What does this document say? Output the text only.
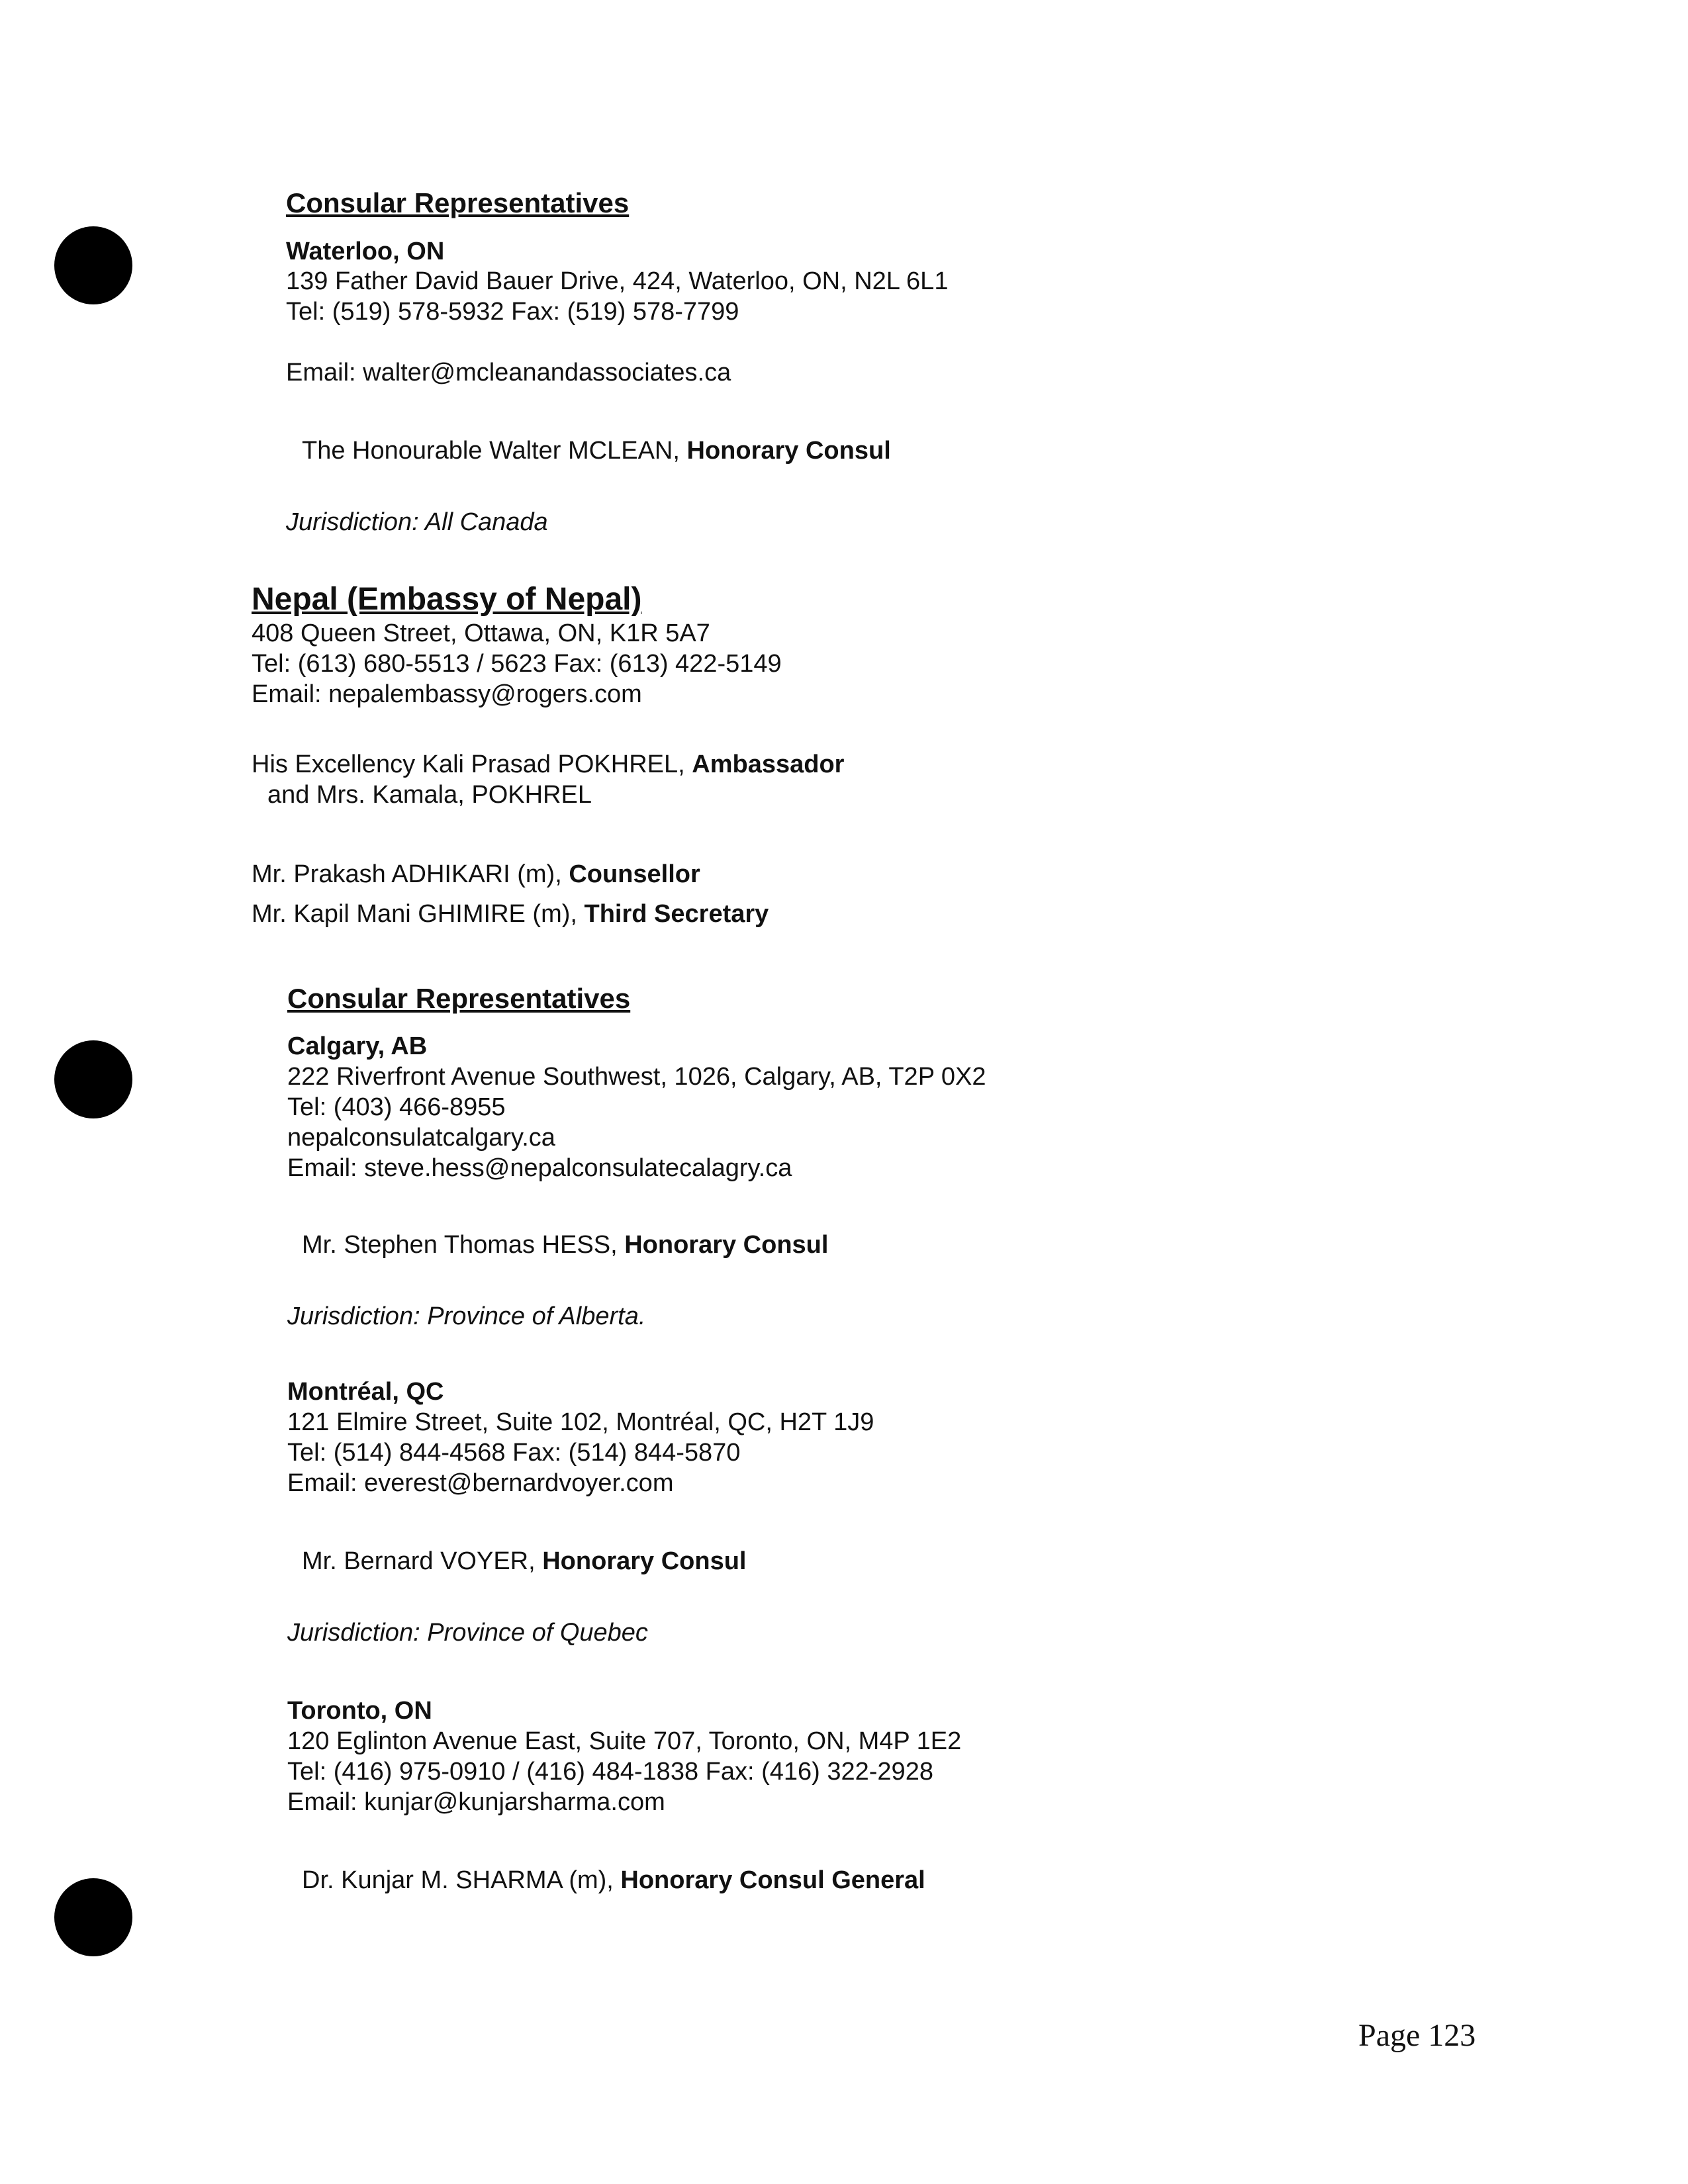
Consular Representatives
Waterloo, ON
139 Father David Bauer Drive, 424, Waterloo, ON, N2L 6L1
Tel: (519) 578-5932 Fax: (519) 578-7799
Email: walter@mcleanandassociates.ca
The Honourable Walter MCLEAN, Honorary Consul
Jurisdiction: All Canada
Nepal (Embassy of Nepal)
408 Queen Street, Ottawa, ON, K1R 5A7
Tel: (613) 680-5513 / 5623 Fax: (613) 422-5149
Email: nepalembassy@rogers.com
His Excellency Kali Prasad POKHREL, Ambassador
and Mrs. Kamala, POKHREL
Mr. Prakash ADHIKARI (m), Counsellor
Mr. Kapil Mani GHIMIRE (m), Third Secretary
Consular Representatives
Calgary, AB
222 Riverfront Avenue Southwest, 1026, Calgary, AB, T2P 0X2
Tel: (403) 466-8955
nepalconsulatcalgary.ca
Email: steve.hess@nepalconsulatecalagry.ca
Mr. Stephen Thomas HESS, Honorary Consul
Jurisdiction: Province of Alberta.
Montréal, QC
121 Elmire Street, Suite 102, Montréal, QC, H2T 1J9
Tel: (514) 844-4568 Fax: (514) 844-5870
Email: everest@bernardvoyer.com
Mr. Bernard VOYER, Honorary Consul
Jurisdiction: Province of Quebec
Toronto, ON
120 Eglinton Avenue East, Suite 707, Toronto, ON, M4P 1E2
Tel: (416) 975-0910 / (416) 484-1838 Fax: (416) 322-2928
Email: kunjar@kunjarsharma.com
Dr. Kunjar M. SHARMA (m), Honorary Consul General
Page 123
